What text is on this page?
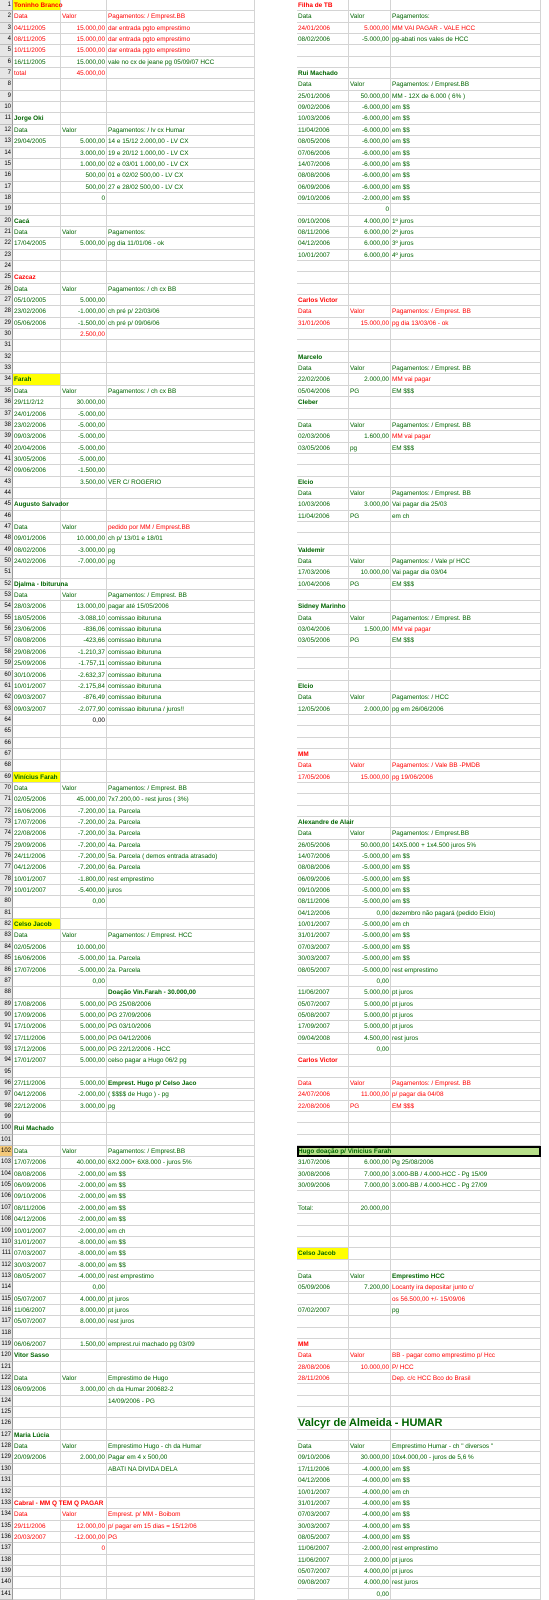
1 Toninho Branco	Filha de TB
2 Data	Valor	Pagamentos: / Emprest.BB	Data	Valor	Pagamentos:
3 04/11/2005	15.000,00 dar entrada pgto emprestimo	24/01/2006	5.000,00 MM VAI PAGAR - VALE HCC
4 08/11/2005	15.000,00 dar entrada pgto emprestimo	08/02/2006	-5.000,00 pg-abati nos vales de HCC
5 10/11/2005	15.000,00 dar entrada pgto emprestimo
6 16/11/2005	15.000,00 vale no cx de jeane pg 05/09/07 HCC
7 total	45.000,00	Rui Machado
8	Data	Valor	Pagamentos: / Emprest.BB
9	25/01/2006	50.000,00 MM - 12X de 6.000 ( 6% )
10	09/02/2006	-6.000,00 em $$
11 Jorge Oki	10/03/2006	-6.000,00 em $$
12 Data	Valor	Pagamentos: / lv cx Humar	11/04/2006	-6.000,00 em $$
13 29/04/2005	5.000,00 14 e 15/12 2.000,00 - LV CX	08/05/2006	-6.000,00 em $$
14	3.000,00 19 e 20/12 1.000,00 - LV CX	07/06/2006	-6.000,00 em $$
15	1.000,00 02 e 03/01 1.000,00 - LV CX	14/07/2006	-6.000,00 em $$
16	500,00 01 e 02/02 500,00 - LV CX	08/08/2006	-6.000,00 em $$
17	500,00 27 e 28/02 500,00 - LV CX	06/09/2006	-6.000,00 em $$
18	0	09/10/2006	-2.000,00 em $$
19	0
20 Cacá	09/10/2006	4.000,00 1º juros
21 Data	Valor	Pagamentos:	08/11/2006	6.000,00 2º juros
22 17/04/2005	5.000,00 pg dia 11/01/06 - ok	04/12/2006	6.000,00 3º juros
23	10/01/2007	6.000,00 4º juros
24
25 Cazcaz
26 Data	Valor	Pagamentos: / ch cx BB
27 05/10/2005	5.000,00	Carlos Victor
28 23/02/2006	-1.000,00 ch pré p/ 22/03/06	Data	Valor	Pagamentos: / Emprest. BB
29 05/06/2006	-1.500,00 ch pré p/ 09/06/06	31/01/2006	15.000,00 pg dia 13/03/06 - ok
30	2.500,00
31
32	Marcelo
33	Data	Valor	Pagamentos: / Emprest. BB
34 Farah	22/02/2006	2.000,00 MM vai pagar
35 Data	Valor	Pagamentos: / ch cx BB	05/04/2006	PG	EM $$$
36 29/11/2/12	30.000,00	Cleber
37 24/01/2006	-5.000,00
38 23/02/2006	-5.000,00	Data	Valor	Pagamentos: / Emprest. BB
39 09/03/2006	-5.000,00	02/03/2006	1.600,00 MM vai pagar
40 20/04/2006	-5.000,00	03/05/2006	pg	EM $$$
41 30/05/2006	-5.000,00
42 09/06/2006	-1.500,00
43	3.500,00 VER C/ ROGERIO	Elcio
44	Data	Valor	Pagamentos: / Emprest. BB
45 Augusto Salvador	10/03/2006	3.000,00 Vai pagar dia 25/03
46	11/04/2006	PG	em ch
47 Data	Valor	pedido por MM / Emprest.BB
48 09/01/2006	10.000,00 ch p/ 13/01 e 18/01
49 08/02/2006	-3.000,00 pg	Valdemir
50 24/02/2006	-7.000,00 pg	Data	Valor	Pagamentos: / Vale p/ HCC
51	17/03/2006	10.000,00 Vai pagar dia 03/04
52 Djalma - Ibituruna	10/04/2006	PG	EM $$$
53 Data	Valor	Pagamentos: / Emprest. BB
54 28/03/2006	13.000,00 pagar até 15/05/2006	Sidney Marinho
55 18/05/2006	-3.088,10 comissao ibituruna	Data	Valor	Pagamentos: / Emprest. BB
56 23/06/2006	-836,06 comissao ibituruna	03/04/2006	1.500,00 MM vai pagar
57 08/08/2006	-423,66 comissao ibituruna	03/05/2006	PG	EM $$$
58 29/08/2006	-1.210,37 comissao ibituruna
59 25/09/2006	-1.757,11 comissao ibituruna
60 30/10/2006	-2.632,37 comissao ibituruna
61 10/01/2007	-2.175,84 comissao ibituruna	Elcio
62 09/03/2007	-876,49 comissao ibituruna	Data	Valor	Pagamentos: / HCC
63 09/03/2007	-2.077,90 comissao ibituruna / juros!!	12/05/2006	2.000,00 pg em 26/06/2006
64	0,00
65
66
67	MM
68	Data	Valor	Pagamentos: / Vale BB -PMDB
69 Vinícius Farah	17/05/2006	15.000,00 pg 19/06/2006
70 Data	Valor	Pagamentos: / Emprest. BB
71 02/05/2006	45.000,00 7x7.200,00 - rest juros ( 3%)
72 16/06/2006	-7.200,00 1a. Parcela
73 17/07/2006	-7.200,00 2a. Parcela	Alexandre de Alair
74 22/08/2006	-7.200,00 3a. Parcela	Data	Valor	Pagamentos: / Emprest.BB
75 29/09/2006	-7.200,00 4a. Parcela	26/05/2006	50.000,00 14X5.000 + 1x4.500 juros 5%
76 24/11/2006	-7.200,00 5a. Parcela ( demos entrada atrasado)	14/07/2006	-5.000,00 em $$
77 04/12/2006	-7.200,00 6a. Parcela	08/08/2006	-5.000,00 em $$
78 10/01/2007	-1.800,00 rest emprestimo	06/09/2006	-5.000,00 em $$
79 10/01/2007	-5.400,00 juros	09/10/2006	-5.000,00 em $$
80	0,00	08/11/2006	-5.000,00 em $$
81	04/12/2006	0,00 dezembro não pagará (pedido Elcio)
82 Celso Jacob	10/01/2007	-5.000,00 em ch
83 Data	Valor	Pagamentos: / Emprest. HCC	31/01/2007	-5.000,00 em $$
84 02/05/2006	10.000,00	07/03/2007	-5.000,00 em $$
85 16/06/2006	-5.000,00 1a. Parcela	30/03/2007	-5.000,00 em $$
86 17/07/2006	-5.000,00 2a. Parcela	08/05/2007	-5.000,00 rest emprestimo
87	0,00	0,00
88	Doação Vin.Farah - 30.000,00	11/06/2007	5.000,00 pt juros
89 17/08/2006	5.000,00 PG 25/08/2006	05/07/2007	5.000,00 pt juros
90 17/09/2006	5.000,00 PG 27/09/2006	05/08/2007	5.000,00 pt juros
91 17/10/2006	5.000,00 PG 03/10/2006	17/09/2007	5.000,00 pt juros
92 17/11/2006	5.000,00 PG 04/12/2006	09/04/2008	4.500,00 rest juros
93 17/12/2006	5.000,00 PG 22/12/2006 - HCC	0,00
94 17/01/2007	5.000,00 celso pagar a Hugo 06/2 pg	Carlos Victor
95
96 27/11/2006	5.000,00 Emprest. Hugo p/ Celso Jaco	Data	Valor	Pagamentos: / Emprest. BB
97 04/12/2006	-2.000,00 ( $$$$ de Hugo ) - pg	24/07/2006	11.000,00 p/ pagar dia 04/08
98 22/12/2006	3.000,00 pg	22/08/2006	PG	EM $$$
99
100 Rui Machado
101
102 Data	Valor	Pagamentos: / Emprest.BB	Hugo doação p/ Vinicius Farah
103 17/07/2006	40.000,00 6X2.000+ 6X8.000 - juros 5%	31/07/2006	6.000,00 Pg 25/08/2006
104 08/08/2006	-2.000,00 em $$	30/08/2006	7.000,00 3.000-BB / 4.000-HCC - Pg 15/09
105 06/09/2006	-2.000,00 em $$	30/09/2006	7.000,00 3.000-BB / 4.000-HCC - Pg 27/09
106 09/10/2006	-2.000,00 em $$
107 08/11/2006	-2.000,00 em $$	Total:	20.000,00
108 04/12/2006	-2.000,00 em $$
109 10/01/2007	-2.000,00 em ch
110 31/01/2007	-8.000,00 em $$
111 07/03/2007	-8.000,00 em $$	Celso Jacob
112 30/03/2007	-8.000,00 em $$
113 08/05/2007	-4.000,00 rest emprestimo	Data	Valor	Emprestimo HCC
114	0,00	05/09/2006	7.200,00 Locanty ira depositar junto c/
115 05/07/2007	4.000,00 pt juros	os 56.500,00 +/- 15/09/06
116 11/06/2007	8.000,00 pt juros	07/02/2007	pg
117 05/07/2007	8.000,00 rest juros
118
119 06/06/2007	1.500,00 emprest.rui machado pg 03/09	MM
120 Vitor Sasso	Data	Valor	BB - pagar como emprestimo p/ Hcc
121	28/08/2006	10.000,00 P/ HCC
122 Data	Valor	Emprestimo de Hugo	28/11/2006	Dep. c/c HCC Bco do Brasil
123 06/09/2006	3.000,00 ch da Humar 200682-2
124	14/09/2006 - PG
125
126	Valcyr de Almeida - HUMAR
127 Maria Lúcia
128 Data	Valor	Emprestimo Hugo - ch da Humar	Data	Valor	Emprestimo Humar - ch " diversos "
129 20/09/2006	2.000,00 Pagar em 4 x 500,00	09/10/2006	30.000,00 10x4.000,00 - juros de 5,6 %
130	ABATI NA DIVIDA DELA	17/11/2006	-4.000,00 em $$
131	04/12/2006	-4.000,00 em $$
132	10/01/2007	-4.000,00 em ch
133 Cabral - MM Q TEM Q PAGAR	31/01/2007	-4.000,00 em $$
134 Data	Valor	Emprest. p/ MM - Boibom	07/03/2007	-4.000,00 em $$
135 29/11/2006	12.000,00 p/ pagar em 15 dias = 15/12/06	30/03/2007	-4.000,00 em $$
136 20/03/2007	-12.000,00 PG	08/05/2007	-4.000,00 em $$
137	0	11/06/2007	-2.000,00 rest emprestimo
138	11/06/2007	2.000,00 pt juros
139	05/07/2007	4.000,00 pt juros
140	09/08/2007	4.000,00 rest juros
141	0,00
